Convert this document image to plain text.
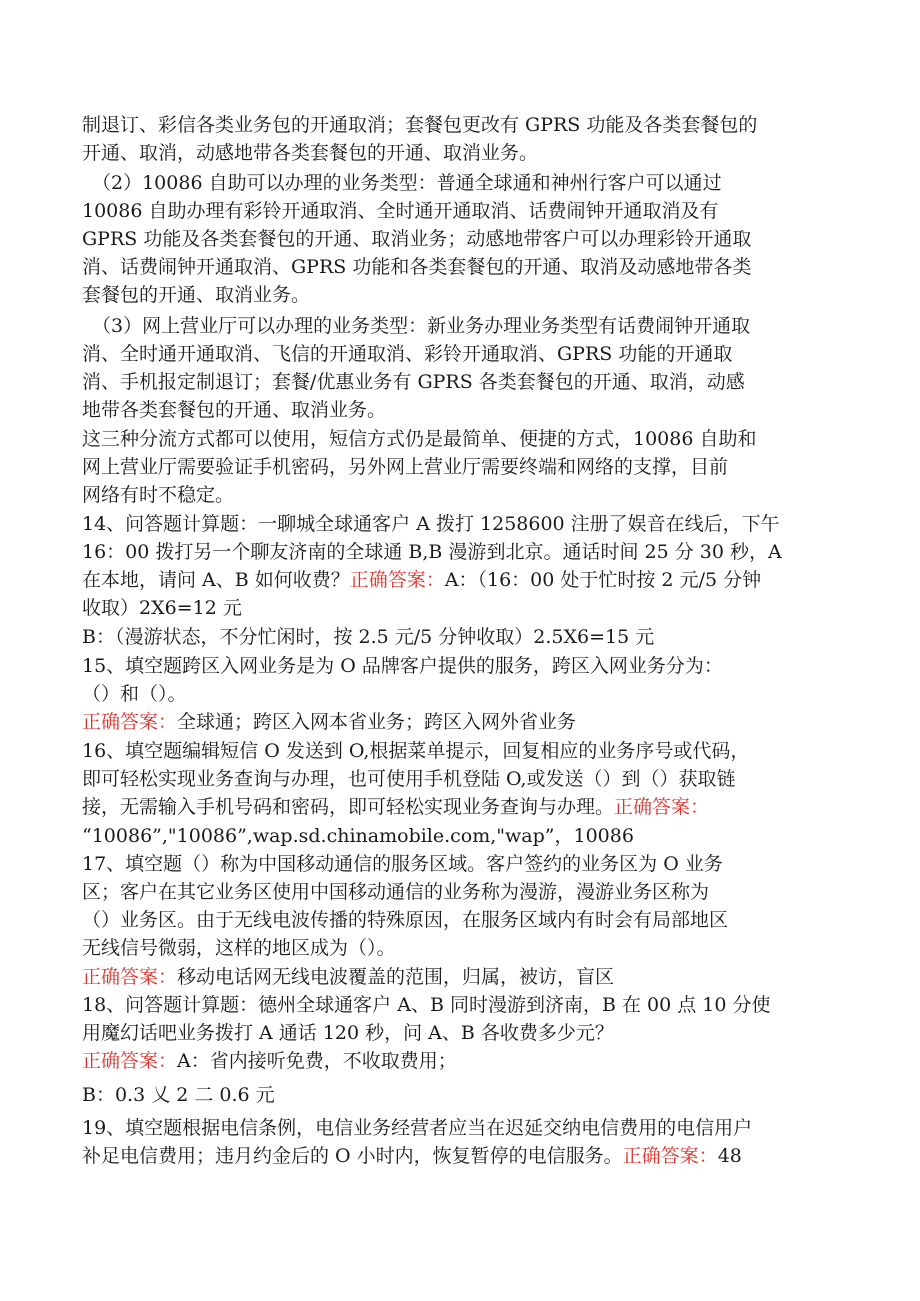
制退订、彩信各类业务包的开通取消；套餐包更改有 GPRS 功能及各类套餐包的
开通、取消，动感地带各类套餐包的开通、取消业务。
（2）10086 自助可以办理的业务类型：普通全球通和神州行客户可以通过
10086 自助办理有彩铃开通取消、全时通开通取消、话费闹钟开通取消及有
GPRS 功能及各类套餐包的开通、取消业务；动感地带客户可以办理彩铃开通取
消、话费闹钟开通取消、GPRS 功能和各类套餐包的开通、取消及动感地带各类
套餐包的开通、取消业务。
（3）网上营业厅可以办理的业务类型：新业务办理业务类型有话费闹钟开通取
消、全时通开通取消、飞信的开通取消、彩铃开通取消、GPRS 功能的开通取
消、手机报定制退订；套餐/优惠业务有 GPRS 各类套餐包的开通、取消，动感
地带各类套餐包的开通、取消业务。
这三种分流方式都可以使用，短信方式仍是最简单、便捷的方式，10086 自助和
网上营业厅需要验证手机密码，另外网上营业厅需要终端和网络的支撑，目前
网络有时不稳定。
14、问答题计算题：一聊城全球通客户 A 拨打 1258600 注册了娱音在线后，下午
16：00 拨打另一个聊友济南的全球通 B,B 漫游到北京。通话时间 25 分 30 秒，A
在本地，请问 A、B 如何收费？正确答案：A：（16：00 处于忙时按 2 元/5 分钟
收取）2X6=12 元
B：（漫游状态，不分忙闲时，按 2.5 元/5 分钟收取）2.5X6=15 元
15、填空题跨区入网业务是为 O 品牌客户提供的服务，跨区入网业务分为：
（）和（）。
正确答案：全球通；跨区入网本省业务；跨区入网外省业务
16、填空题编辑短信 O 发送到 O,根据菜单提示，回复相应的业务序号或代码，
即可轻松实现业务查询与办理，也可使用手机登陆 O,或发送（）到（）获取链
接，无需输入手机号码和密码，即可轻松实现业务查询与办理。正确答案：
“10086”,"10086”,wap.sd.chinamobile.com,"wap”，10086
17、填空题（）称为中国移动通信的服务区域。客户签约的业务区为 O 业务
区；客户在其它业务区使用中国移动通信的业务称为漫游，漫游业务区称为
（）业务区。由于无线电波传播的特殊原因，在服务区域内有时会有局部地区
无线信号微弱，这样的地区成为（）。
正确答案：移动电话网无线电波覆盖的范围，归属，被访，盲区
18、问答题计算题：德州全球通客户 A、B 同时漫游到济南，B 在 00 点 10 分使
用魔幻话吧业务拨打 A 通话 120 秒，问 A、B 各收费多少元？
正确答案：A：省内接听免费，不收取费用；
B：0.3 乂 2 二 0.6 元
19、填空题根据电信条例，电信业务经营者应当在迟延交纳电信费用的电信用户
补足电信费用；违月约金后的 O 小时内，恢复暂停的电信服务。正确答案：48
